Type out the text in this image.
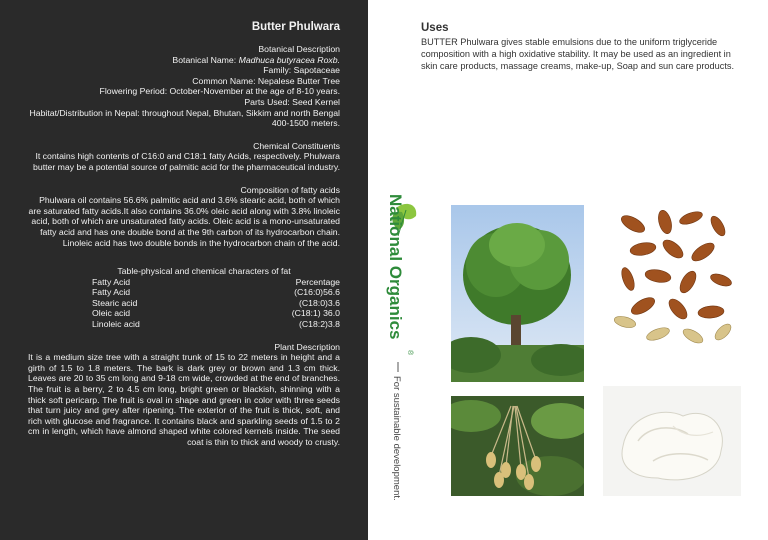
Butter Phulwara
Botanical Description
Botanical Name: Madhuca butyracea Roxb.
Family: Sapotaceae
Common Name: Nepalese Butter Tree
Flowering Period: October-November at the age of 8-10 years.
Parts Used: Seed Kernel
Habitat/Distribution in Nepal: throughout Nepal, Bhutan, Sikkim and north Bengal 400-1500 meters.
Chemical Constituents
It contains high contents of C16:0 and C18:1 fatty Acids, respectively. Phulwara butter may be a potential source of palmitic acid for the pharmaceutical industry.
Composition of fatty acids
Phulwara oil contains 56.6% palmitic acid and 3.6% stearic acid, both of which are saturated fatty acids.It also contains 36.0% oleic acid along with 3.8% linoleic acid, both of which are unsaturated fatty acids. Oleic acid is a mono-unsaturated fatty acid and has one double bond at the 9th carbon of its hydrocarbon chain. Linoleic acid has two double bonds in the hydrocarbon chain of the acid.
Table-physical and chemical characters of fat
Fatty Acid	Percentage
Fatty Acid	(C16:0)56.6
Stearic acid	(C18:0)3.6
Oleic acid	(C18:1) 36.0
Linoleic acid	(C18:2)3.8
Plant Description
It is a medium size tree with a straight trunk of 15 to 22 meters in height and a girth of 1.5 to 1.8 meters. The bark is dark grey or brown and 1.3 cm thick. Leaves are 20 to 35 cm long and 9-18 cm wide, crowded at the end of branches. The fruit is a berry, 2 to 4.5 cm long, bright green or blackish, shinning with a thick soft pericarp. The fruit is oval in shape and green in color with three seeds that turn juicy and grey after ripening. The exterior of the fruit is thick, soft, and rich with glucose and fragrance. It contains black and sparkling seeds of 1.5 to 2 cm in length, which have almond shaped white colored kernels inside. The seed coat is thin to thick and woody to crusty.
Uses
BUTTER Phulwara gives stable emulsions due to the uniform triglyceride composition with a high oxidative stability. It may be used as an ingredient in skin care products, massage creams, make-up, Soap and sun care products.
National Organics
®
For sustainable development.
